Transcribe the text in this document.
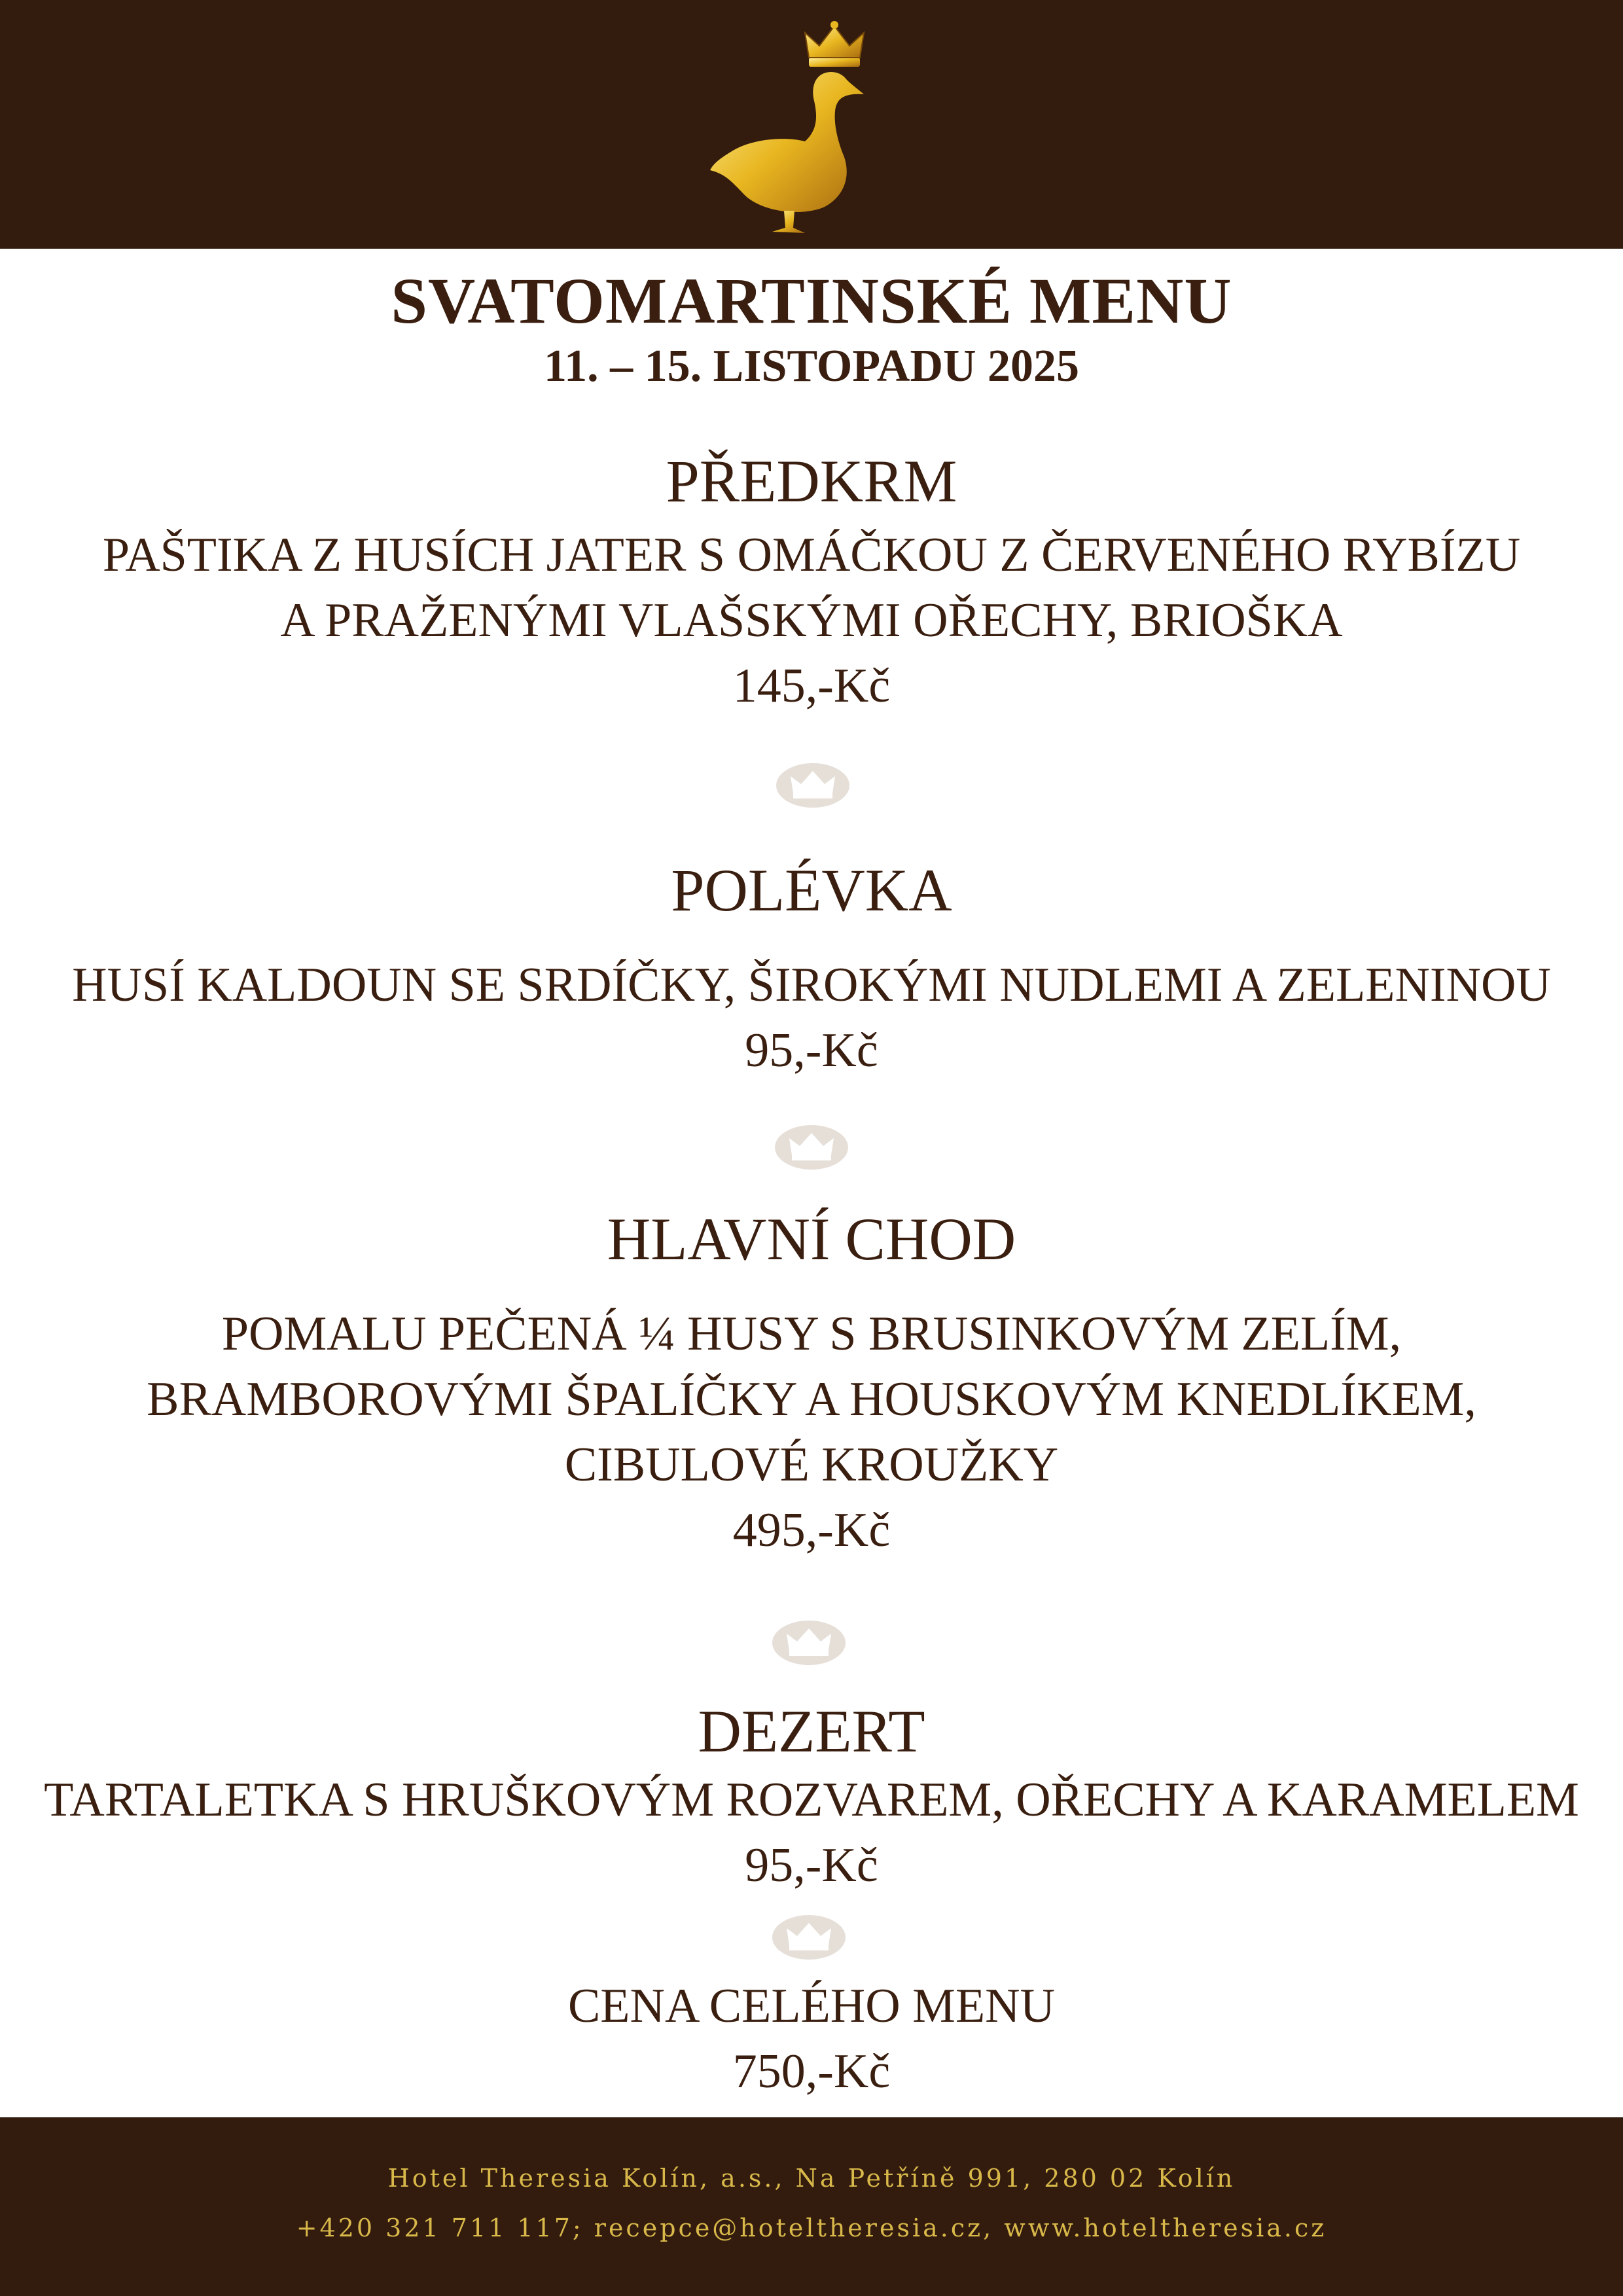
SVATOMARTINSKÉ MENU

11. – 15. LISTOPADU 2025

PŘEDKRM

PAŠTIKA Z HUSÍCH JATER S OMÁČKOU Z ČERVENÉHO RYBÍZU

A PRAŽENÝMI VLAŠSKÝMI OŘECHY, BRIOŠKA

145,-Kč

POLÉVKA

HUSÍ KALDOUN SE SRDÍČKY, ŠIROKÝMI NUDLEMI A ZELENINOU

95,-Kč

HLAVNÍ CHOD

POMALU PEČENÁ ¼ HUSY S BRUSINKOVÝM ZELÍM,

BRAMBOROVÝMI ŠPALÍČKY A HOUSKOVÝM KNEDLÍKEM,

CIBULOVÉ KROUŽKY

495,-Kč

DEZERT

TARTALETKA S HRUŠKOVÝM ROZVAREM, OŘECHY A KARAMELEM

95,-Kč

CENA CELÉHO MENU

750,-Kč

Hotel Theresia Kolín, a.s., Na Petříně 991, 280 02 Kolín

+420 321 711 117; recepce@hoteltheresia.cz, www.hoteltheresia.cz
